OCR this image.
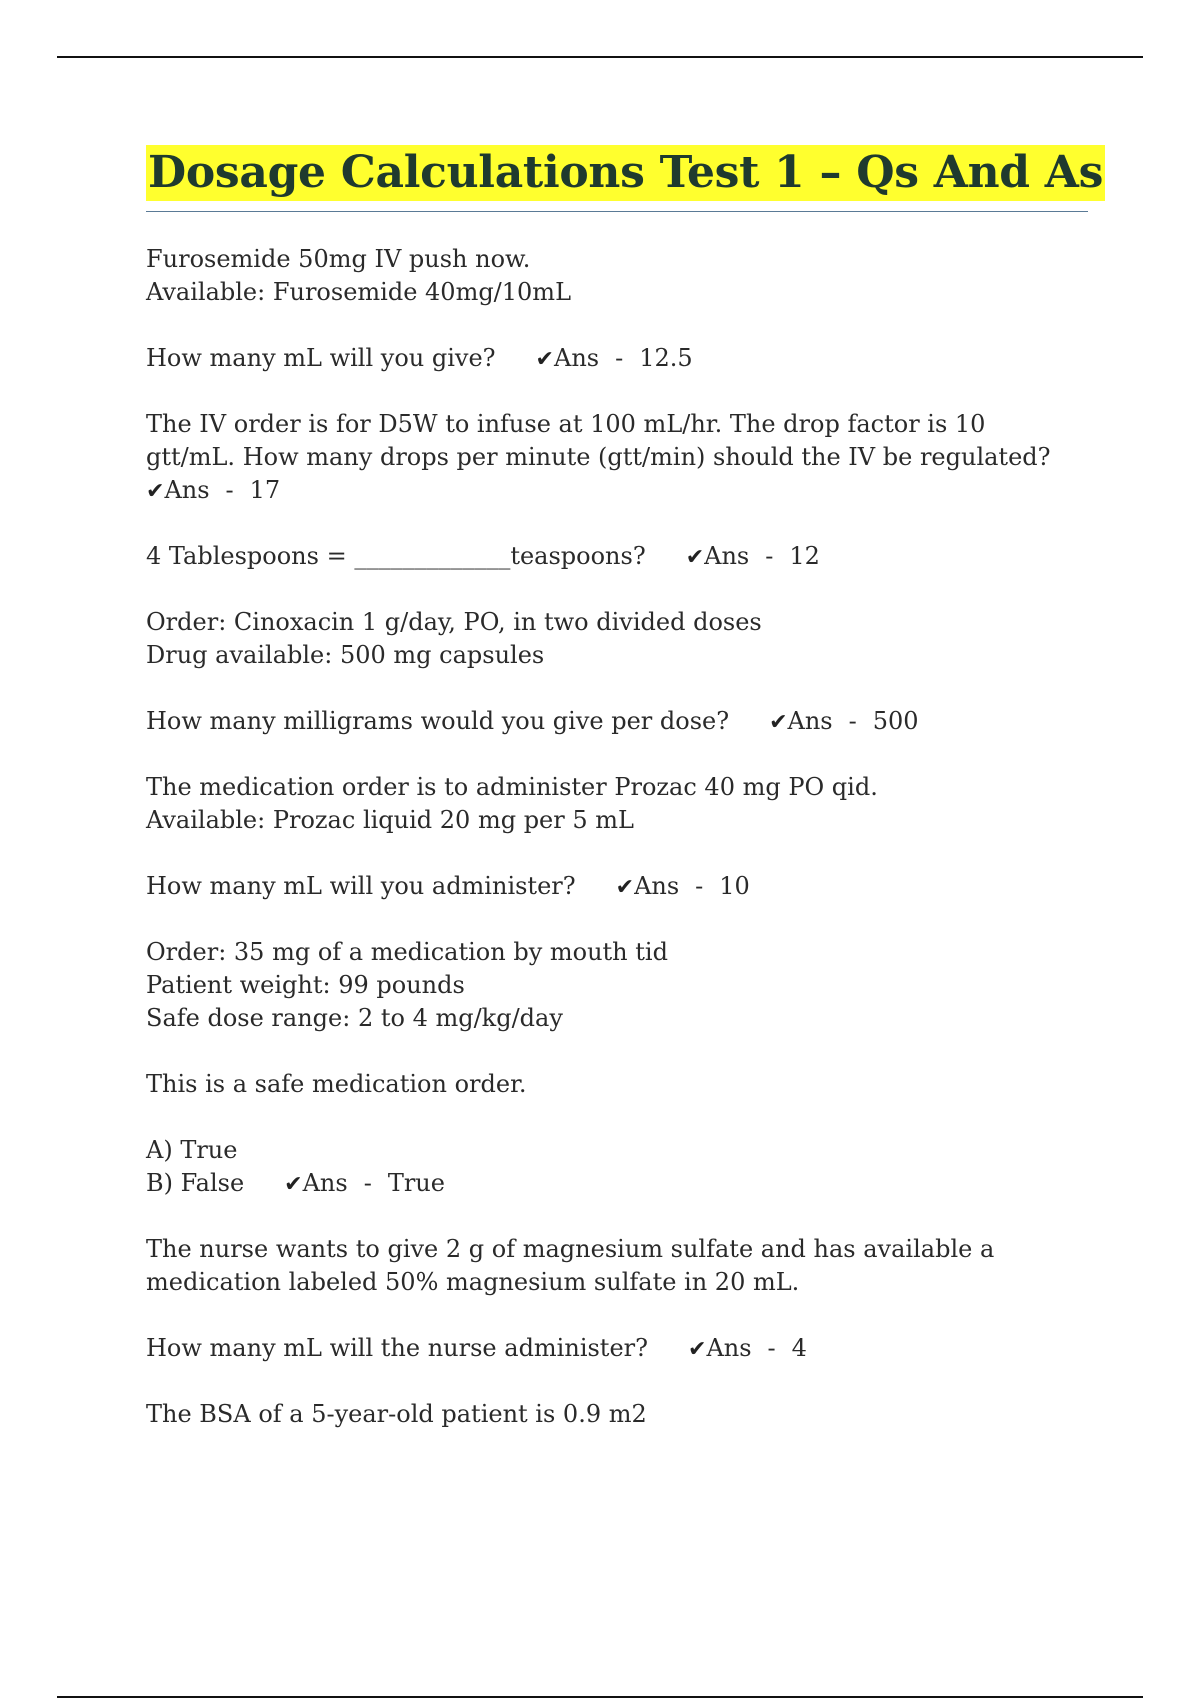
Dosage Calculations Test 1 – Qs And As
Furosemide 50mg IV push now.
Available: Furosemide 40mg/10mL
How many mL will you give? ✔Ans - 12.5
The IV order is for D5W to infuse at 100 mL/hr. The drop factor is 10
gtt/mL. How many drops per minute (gtt/min) should the IV be regulated?
✔Ans - 17
4 Tablespoons = _____________teaspoons? ✔Ans - 12
Order: Cinoxacin 1 g/day, PO, in two divided doses
Drug available: 500 mg capsules
How many milligrams would you give per dose? ✔Ans - 500
The medication order is to administer Prozac 40 mg PO qid.
Available: Prozac liquid 20 mg per 5 mL
How many mL will you administer? ✔Ans - 10
Order: 35 mg of a medication by mouth tid
Patient weight: 99 pounds
Safe dose range: 2 to 4 mg/kg/day
This is a safe medication order.
A) True
B) False ✔Ans - True
The nurse wants to give 2 g of magnesium sulfate and has available a
medication labeled 50% magnesium sulfate in 20 mL.
How many mL will the nurse administer? ✔Ans - 4
The BSA of a 5-year-old patient is 0.9 m2
